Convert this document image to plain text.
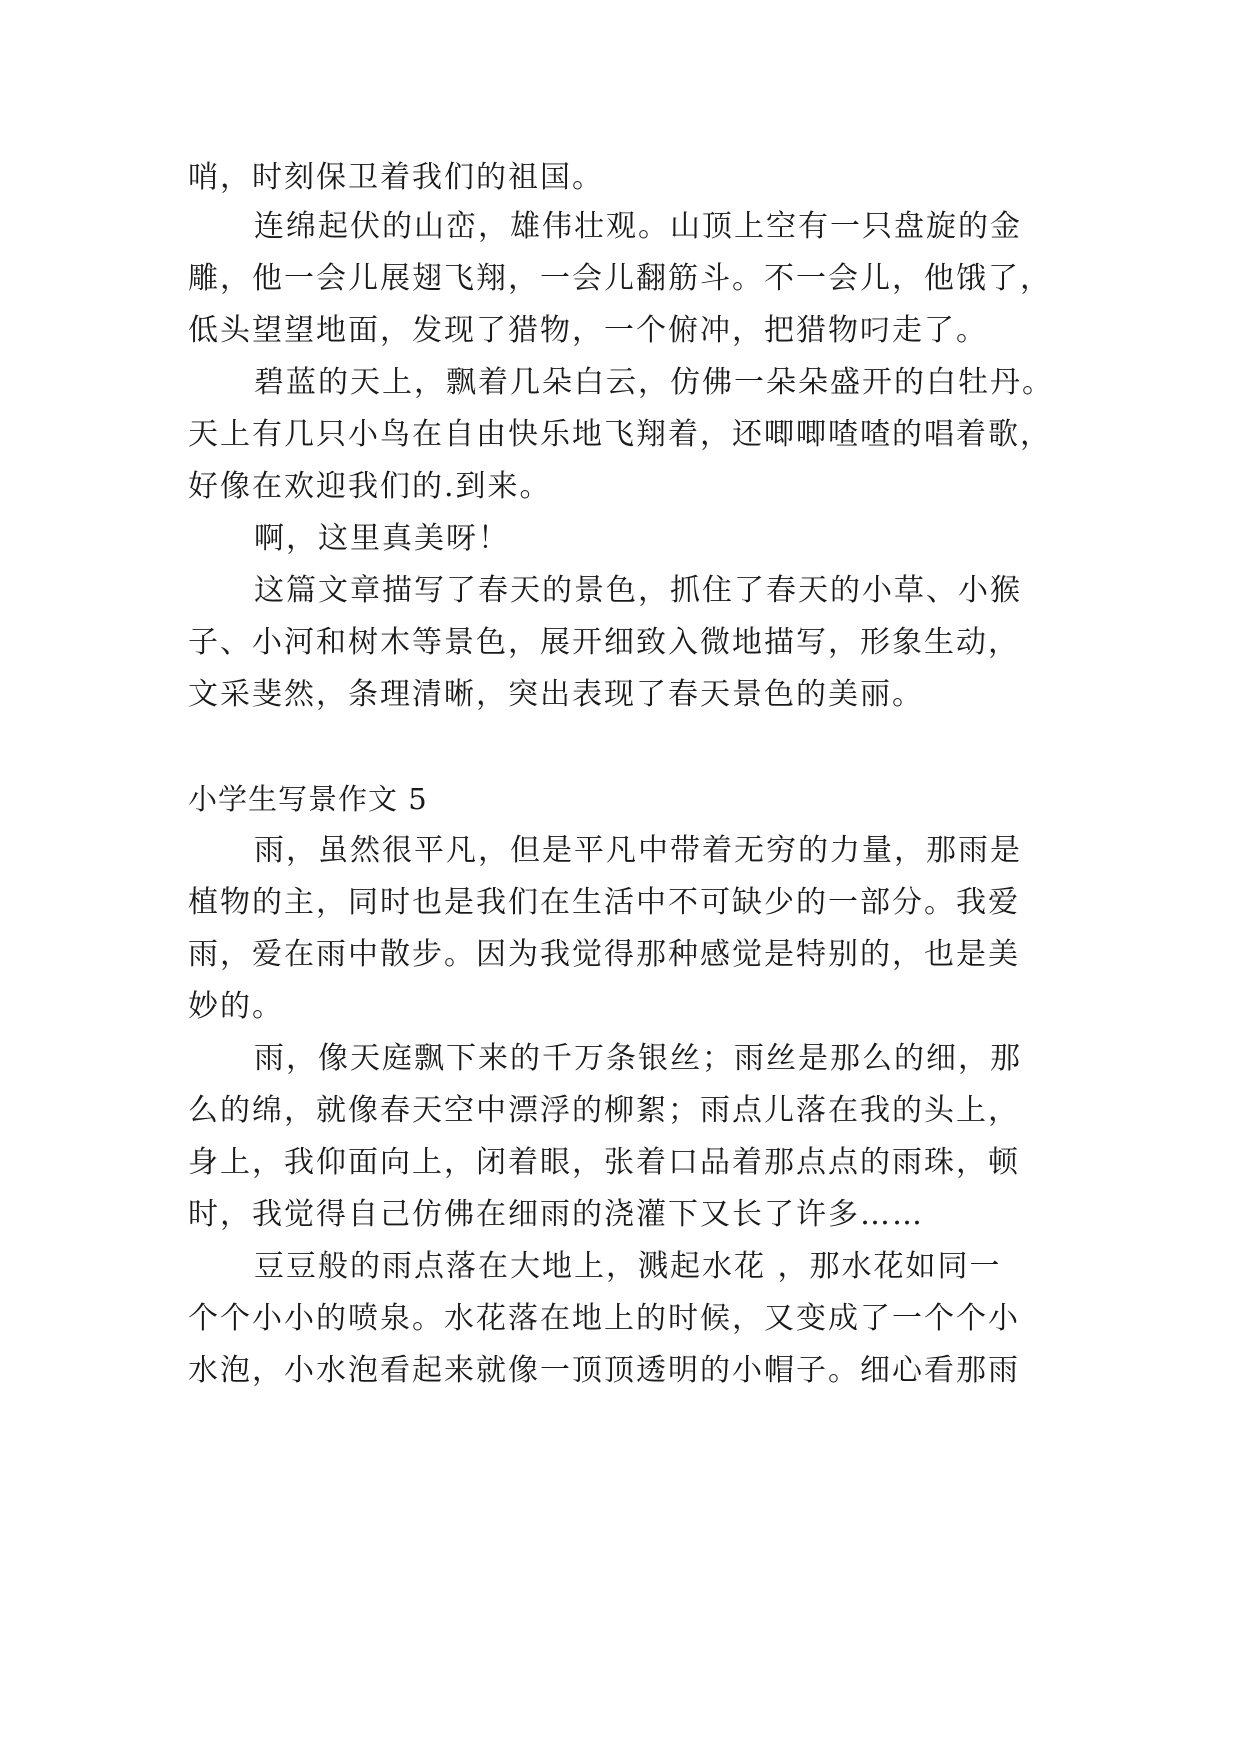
哨，时刻保卫着我们的祖国。
连绵起伏的山峦，雄伟壮观。山顶上空有一只盘旋的金
雕，他一会儿展翅飞翔，一会儿翻筋斗。不一会儿，他饿了，
低头望望地面，发现了猎物，一个俯冲，把猎物叼走了。
碧蓝的天上，飘着几朵白云，仿佛一朵朵盛开的白牡丹。
天上有几只小鸟在自由快乐地飞翔着，还唧唧喳喳的唱着歌，
好像在欢迎我们的.到来。
啊，这里真美呀！
这篇文章描写了春天的景色，抓住了春天的小草、小猴
子、小河和树木等景色，展开细致入微地描写，形象生动，
文采斐然，条理清晰，突出表现了春天景色的美丽。
小学生写景作文 5
雨，虽然很平凡，但是平凡中带着无穷的力量，那雨是
植物的主，同时也是我们在生活中不可缺少的一部分。我爱
雨，爱在雨中散步。因为我觉得那种感觉是特别的，也是美
妙的。
雨，像天庭飘下来的千万条银丝；雨丝是那么的细，那
么的绵，就像春天空中漂浮的柳絮；雨点儿落在我的头上，
身上，我仰面向上，闭着眼，张着口品着那点点的雨珠，顿
时，我觉得自己仿佛在细雨的浇灌下又长了许多……
豆豆般的雨点落在大地上，溅起水花 ，那水花如同一
个个小小的喷泉。水花落在地上的时候，又变成了一个个小
水泡，小水泡看起来就像一顶顶透明的小帽子。细心看那雨
